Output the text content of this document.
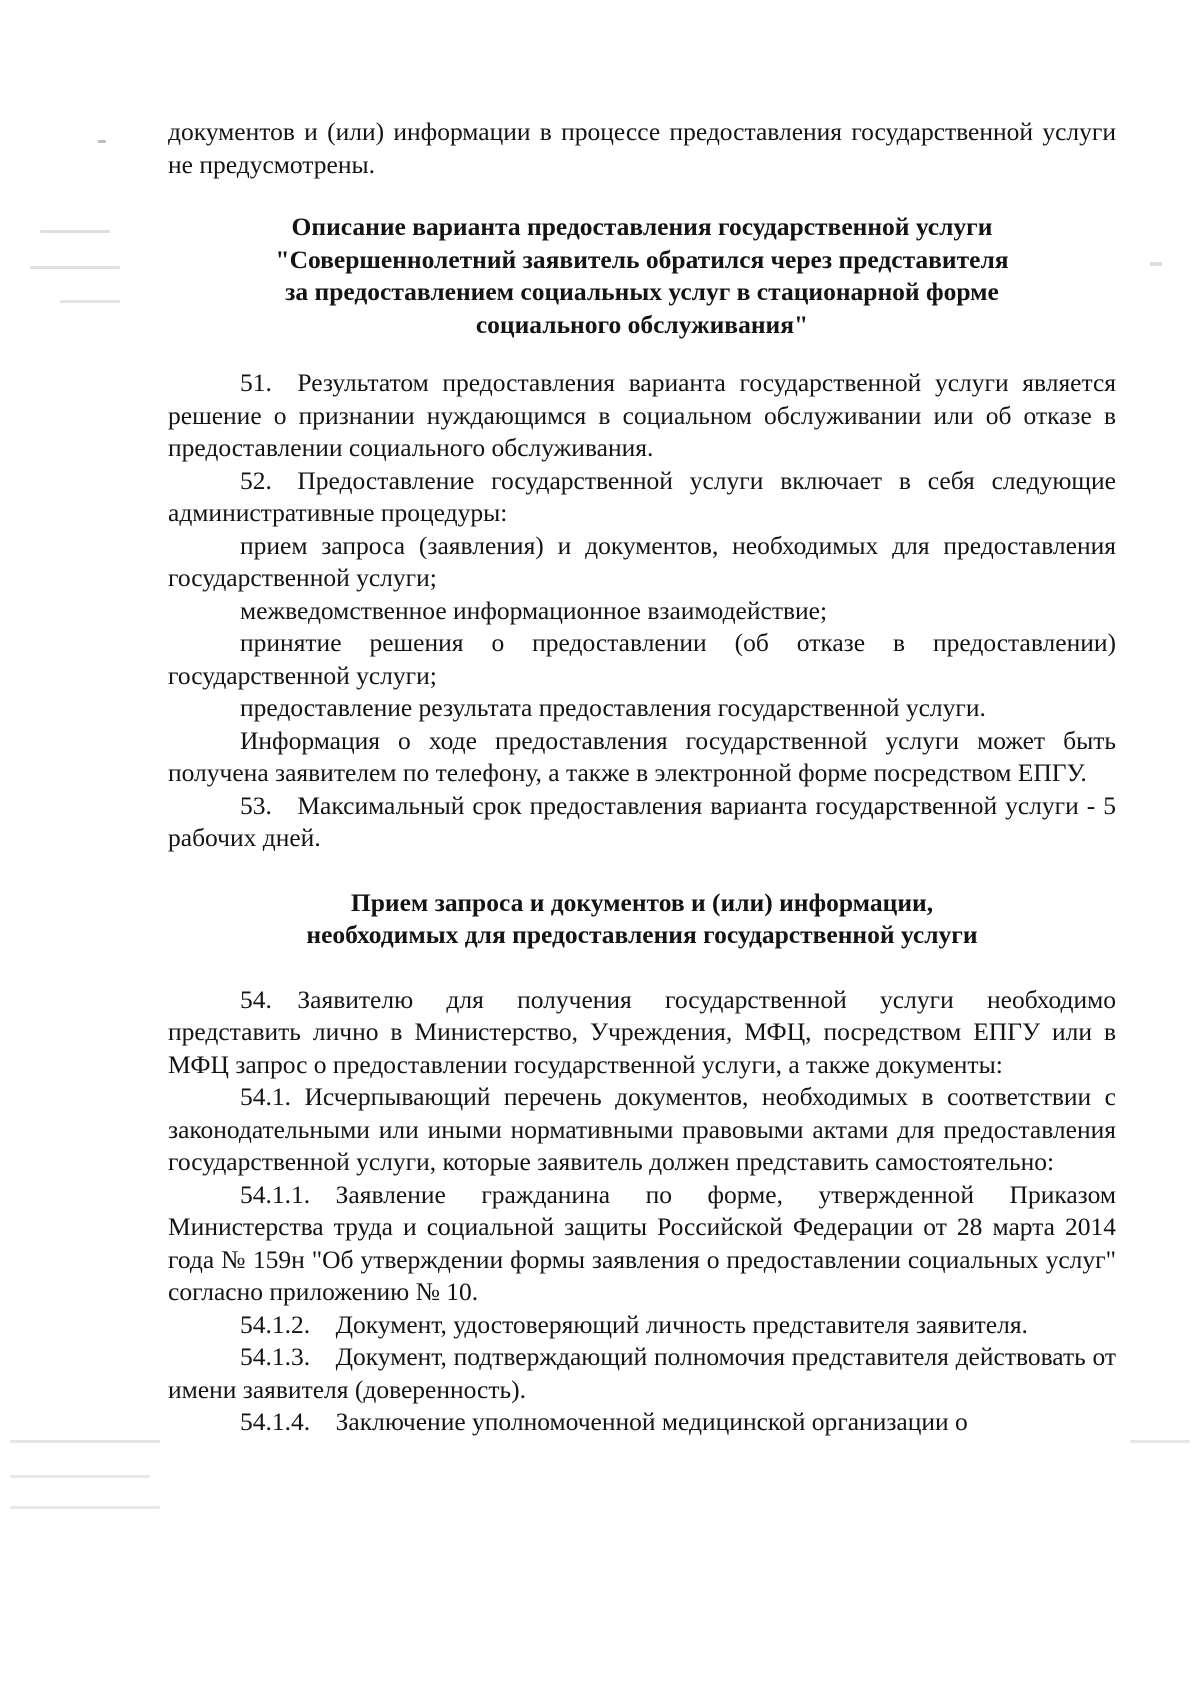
документов и (или) информации в процессе предоставления государственной услуги не предусмотрены.

Описание варианта предоставления государственной услуги

"Совершеннолетний заявитель обратился через представителя

за предоставлением социальных услуг в стационарной форме

социального обслуживания"

51. Результатом предоставления варианта государственной услуги является решение о признании нуждающимся в социальном обслуживании или об отказе в предоставлении социального обслуживания.

52. Предоставление государственной услуги включает в себя следующие административные процедуры:

прием запроса (заявления) и документов, необходимых для предоставления государственной услуги;

межведомственное информационное взаимодействие;

принятие решения о предоставлении (об отказе в предоставлении) государственной услуги;

предоставление результата предоставления государственной услуги.

Информация о ходе предоставления государственной услуги может быть получена заявителем по телефону, а также в электронной форме посредством ЕПГУ.

53. Максимальный срок предоставления варианта государственной услуги - 5 рабочих дней.

Прием запроса и документов и (или) информации,

необходимых для предоставления государственной услуги

54. Заявителю для получения государственной услуги необходимо представить лично в Министерство, Учреждения, МФЦ, посредством ЕПГУ или в МФЦ запрос о предоставлении государственной услуги, а также документы:

54.1. Исчерпывающий перечень документов, необходимых в соответствии с законодательными или иными нормативными правовыми актами для предоставления государственной услуги, которые заявитель должен представить самостоятельно:

54.1.1. Заявление гражданина по форме, утвержденной Приказом Министерства труда и социальной защиты Российской Федерации от 28 марта 2014 года № 159н "Об утверждении формы заявления о предоставлении социальных услуг" согласно приложению № 10.

54.1.2. Документ, удостоверяющий личность представителя заявителя.

54.1.3. Документ, подтверждающий полномочия представителя действовать от имени заявителя (доверенность).

54.1.4. Заключение уполномоченной медицинской организации о
